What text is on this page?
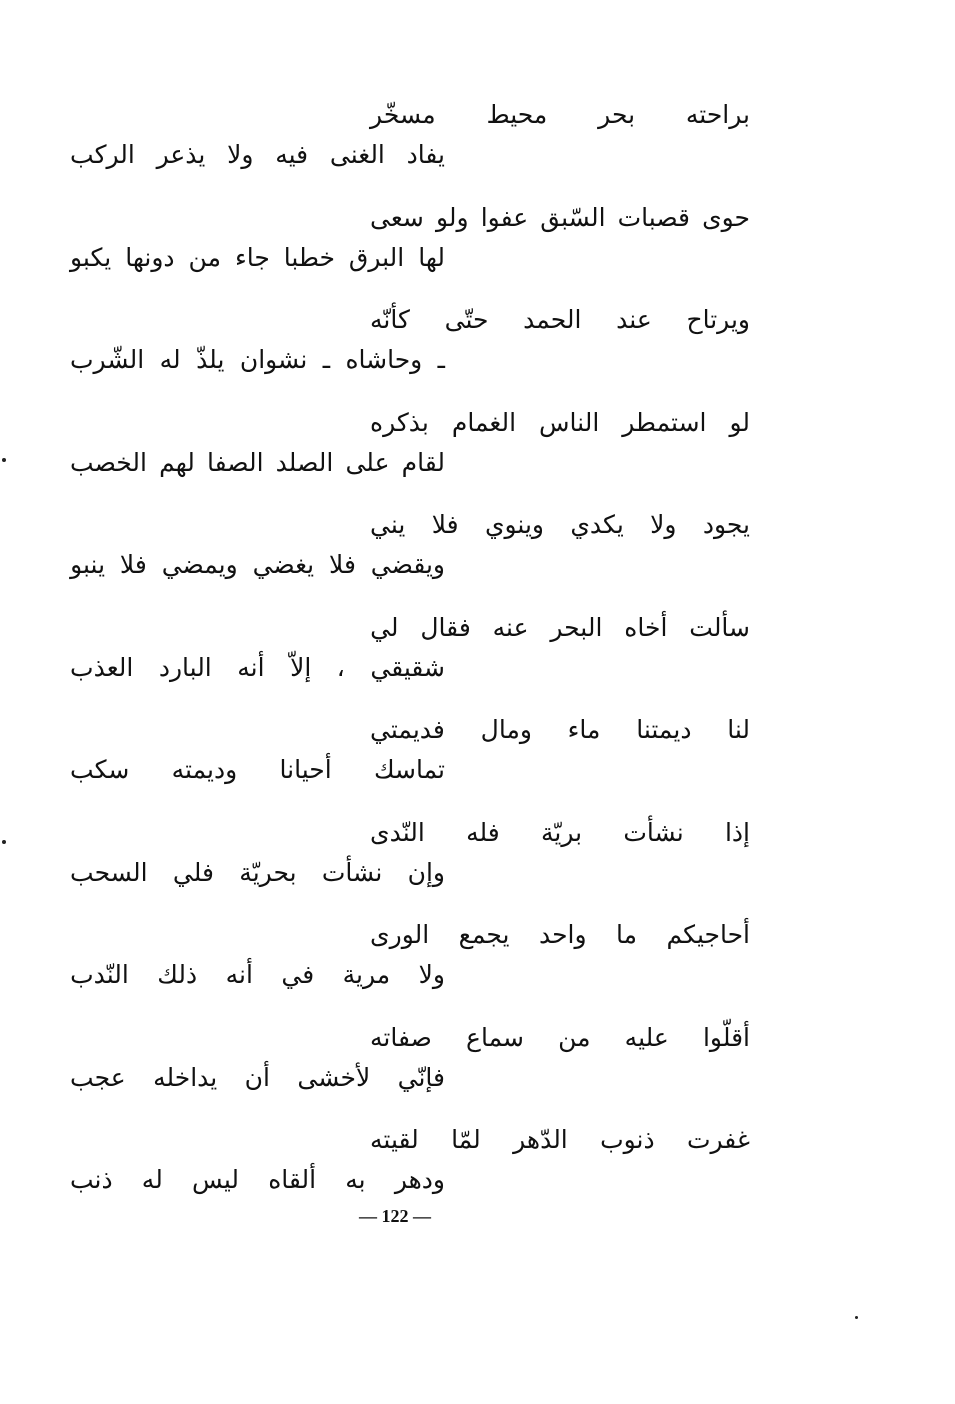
براحته
بحر
محيط
مسخّر
يفاد
الغنى
فيه
ولا
يذعر
الركب
حوى
قصبات
السّبق
عفوا
ولو
سعى
لها
البرق
خطبا
جاء
من
دونها
يكبو
ويرتاح
عند
الحمد
حتّى
كأنّه
ـ
وحاشاه
ـ
نشوان
يلذّ
له
الشّرب
لو
استمطر
الناس
الغمام
بذكره
لقام
على
الصلد
الصفا
لهم
الخصب
يجود
ولا
يكدي
وينوي
فلا
يني
ويقضي
فلا
يغضي
ويمضي
فلا
ينبو
سألت
أخاه
البحر
عنه
فقال
لي
شقيقي
،
إلاّ
أنه
البارد
العذب
لنا
ديمتنا
ماء
ومال
فديمتي
تماسك
أحيانا
وديمته
سكب
إذا
نشأت
بريّة
فله
النّدى
وإن
نشأت
بحريّة
فلي
السحب
أحاجيكم
ما
واحد
يجمع
الورى
ولا
مرية
في
أنه
ذلك
النّدب
أقلّوا
عليه
من
سماع
صفاته
فإنّي
لأخشى
أن
يداخله
عجب
غفرت
ذنوب
الدّهر
لمّا
لقيته
ودهر
به
ألقاه
ليس
له
ذنب
— 122 —
